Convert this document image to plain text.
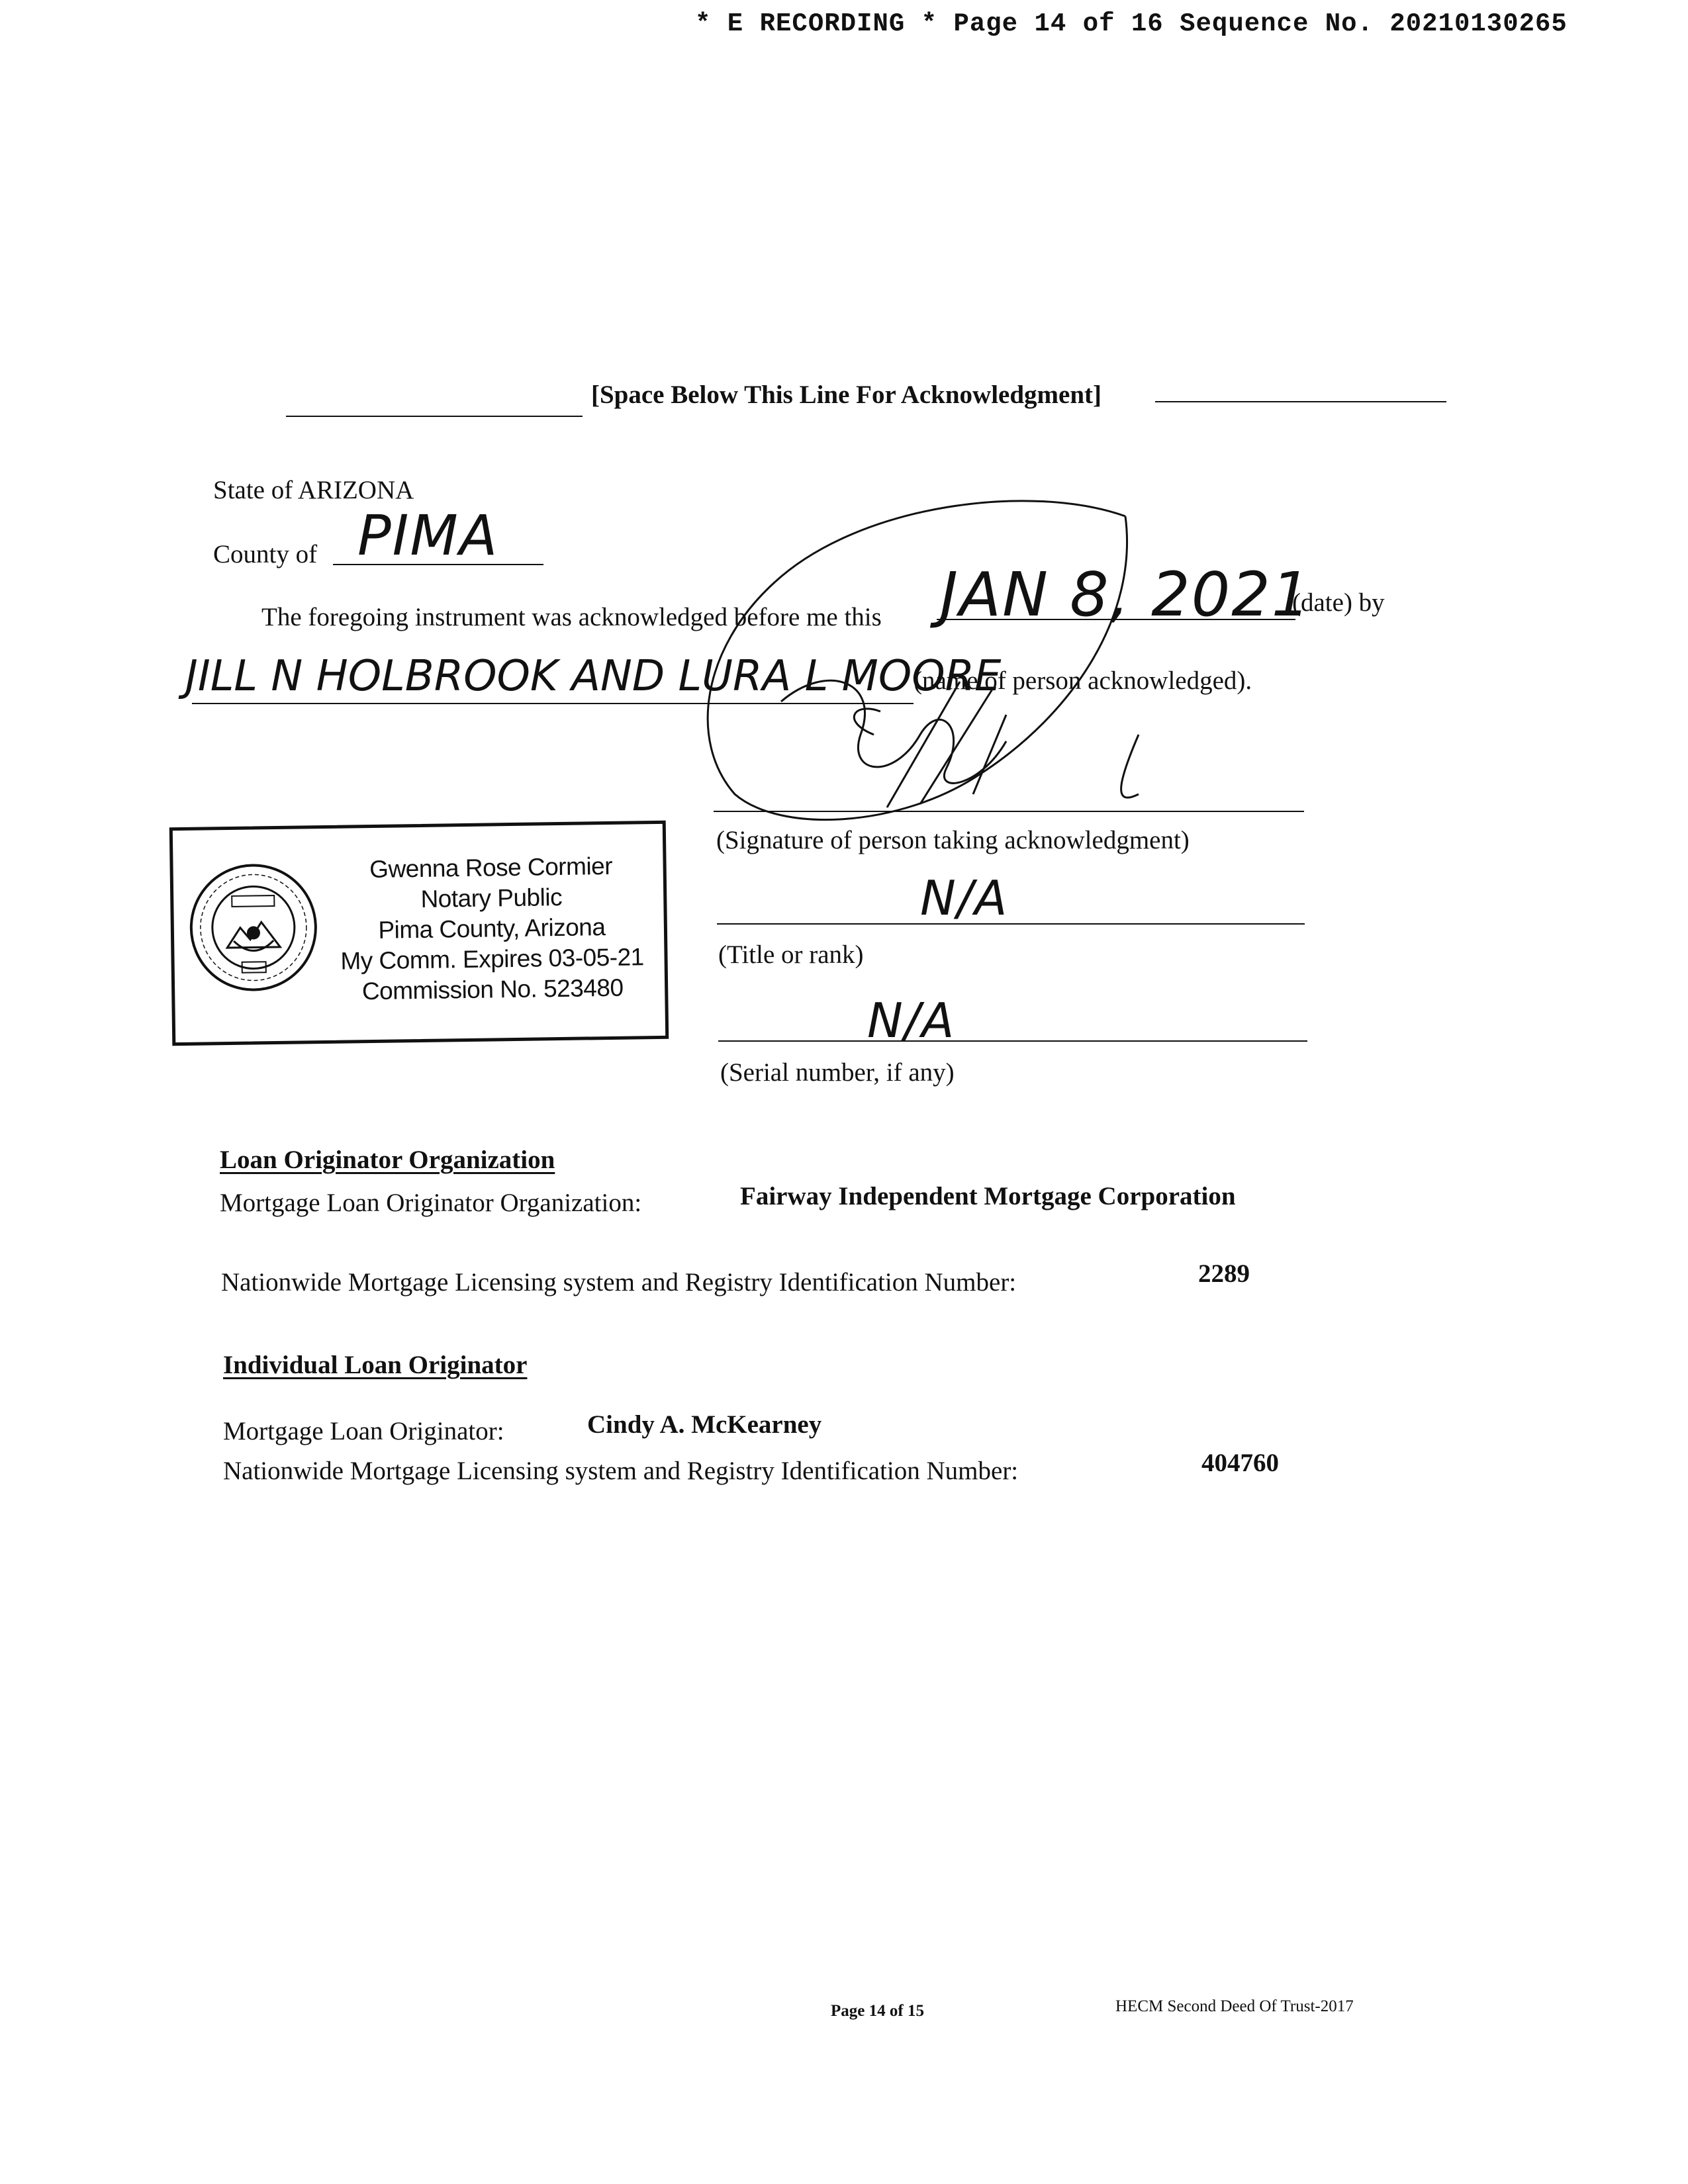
* E RECORDING * Page 14 of 16 Sequence No. 20210130265
[Space Below This Line For Acknowledgment]
State of ARIZONA
County of PIMA
The foregoing instrument was acknowledged before me this JAN 8, 2021
(date) by
JILL N HOLBROOK AND LURA L MOORE
(name of person acknowledged).
(Signature of person taking acknowledgment)
N/A
(Title or rank)
N/A
(Serial number, if any)
Gwenna Rose Cormier
Notary Public
Pima County, Arizona
My Comm. Expires 03-05-21
Commission No. 523480
Loan Originator Organization
Mortgage Loan Originator Organization:	Fairway Independent Mortgage Corporation
Nationwide Mortgage Licensing system and Registry Identification Number:	2289
Individual Loan Originator
Mortgage Loan Originator:	Cindy A. McKearney
Nationwide Mortgage Licensing system and Registry Identification Number:	404760
Page 14 of 15	HECM Second Deed Of Trust-2017
